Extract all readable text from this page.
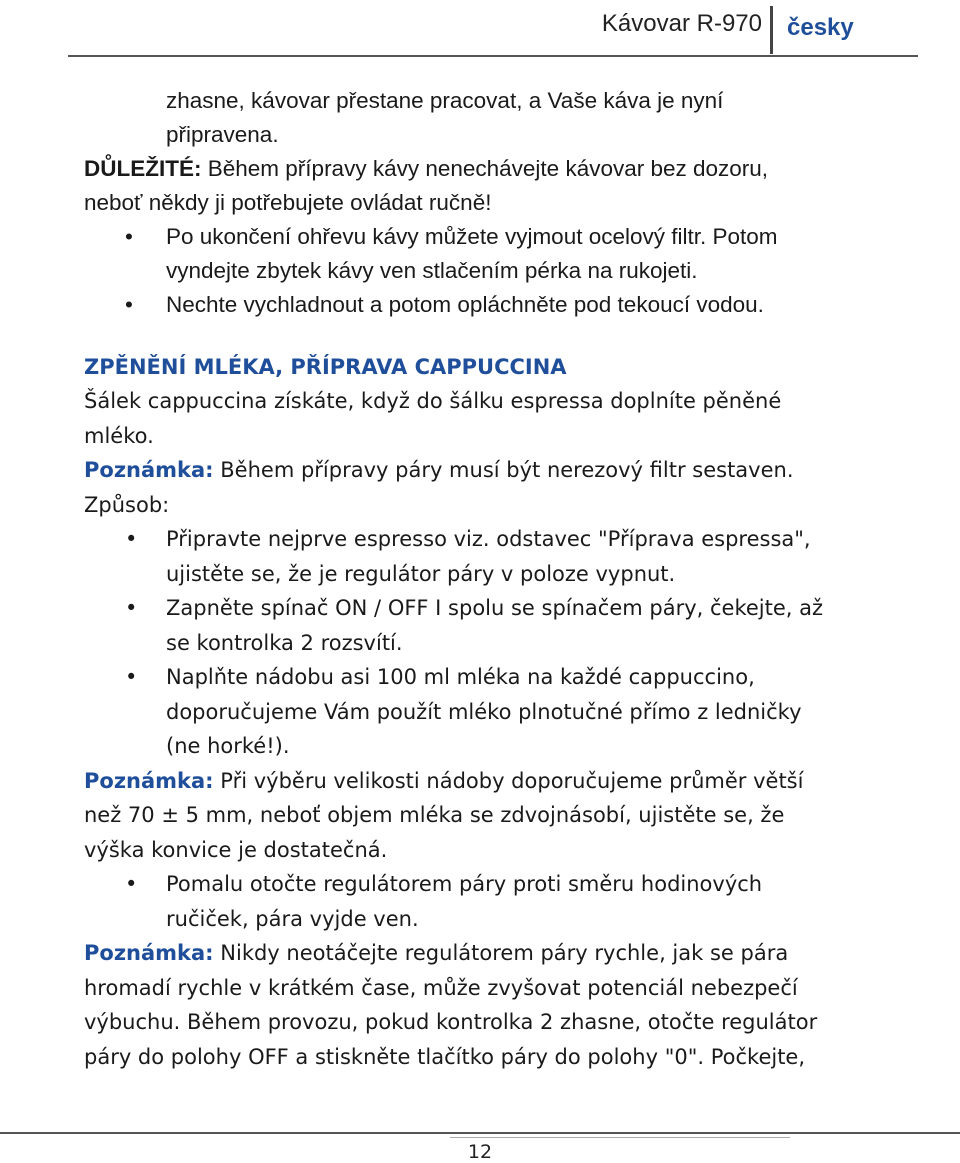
Kávovar R-970 česky

zhasne, kávovar přestane pracovat, a Vaše káva je nyní

připravena.

DŮLEŽITÉ: Během přípravy kávy nenechávejte kávovar bez dozoru,

neboť někdy ji potřebujete ovládat ručně!

• Po ukončení ohřevu kávy můžete vyjmout ocelový filtr. Potom

vyndejte zbytek kávy ven stlačením pérka na rukojeti.

• Nechte vychladnout a potom opláchněte pod tekoucí vodou.

ZPĚNĚNÍ MLÉKA, PŘÍPRAVA CAPPUCCINA

Šálek cappuccina získáte, když do šálku espressa doplníte pěněné

mléko.

Poznámka: Během přípravy páry musí být nerezový filtr sestaven.

Způsob:

• Připravte nejprve espresso viz. odstavec "Příprava espressa",

ujistěte se, že je regulátor páry v poloze vypnut.

• Zapněte spínač ON / OFF I spolu se spínačem páry, čekejte, až

se kontrolka 2 rozsvítí.

• Naplňte nádobu asi 100 ml mléka na každé cappuccino,

doporučujeme Vám použít mléko plnotučné přímo z ledničky

(ne horké!).

Poznámka: Při výběru velikosti nádoby doporučujeme průměr větší

než 70 ± 5 mm, neboť objem mléka se zdvojnásobí, ujistěte se, že

výška konvice je dostatečná.

• Pomalu otočte regulátorem páry proti směru hodinových

ručiček, pára vyjde ven.

Poznámka: Nikdy neotáčejte regulátorem páry rychle, jak se pára

hromadí rychle v krátkém čase, může zvyšovat potenciál nebezpečí

výbuchu. Během provozu, pokud kontrolka 2 zhasne, otočte regulátor

páry do polohy OFF a stiskněte tlačítko páry do polohy "0". Počkejte,

12
